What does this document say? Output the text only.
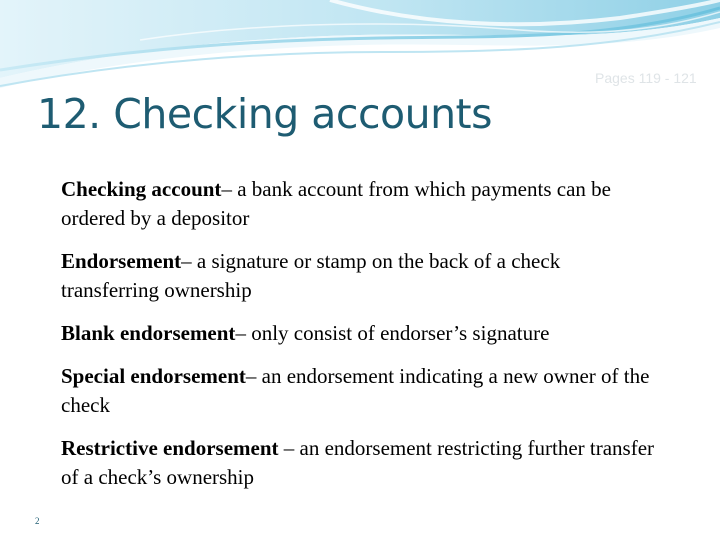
Pages 119 - 121
12. Checking accounts
Checking account– a bank account from which payments can be ordered by a depositor
Endorsement– a signature or stamp on the back of a check transferring ownership
Blank endorsement– only consist of endorser’s signature
Special endorsement– an endorsement indicating a new owner of the check
Restrictive endorsement – an endorsement restricting further transfer of a check’s ownership
2
